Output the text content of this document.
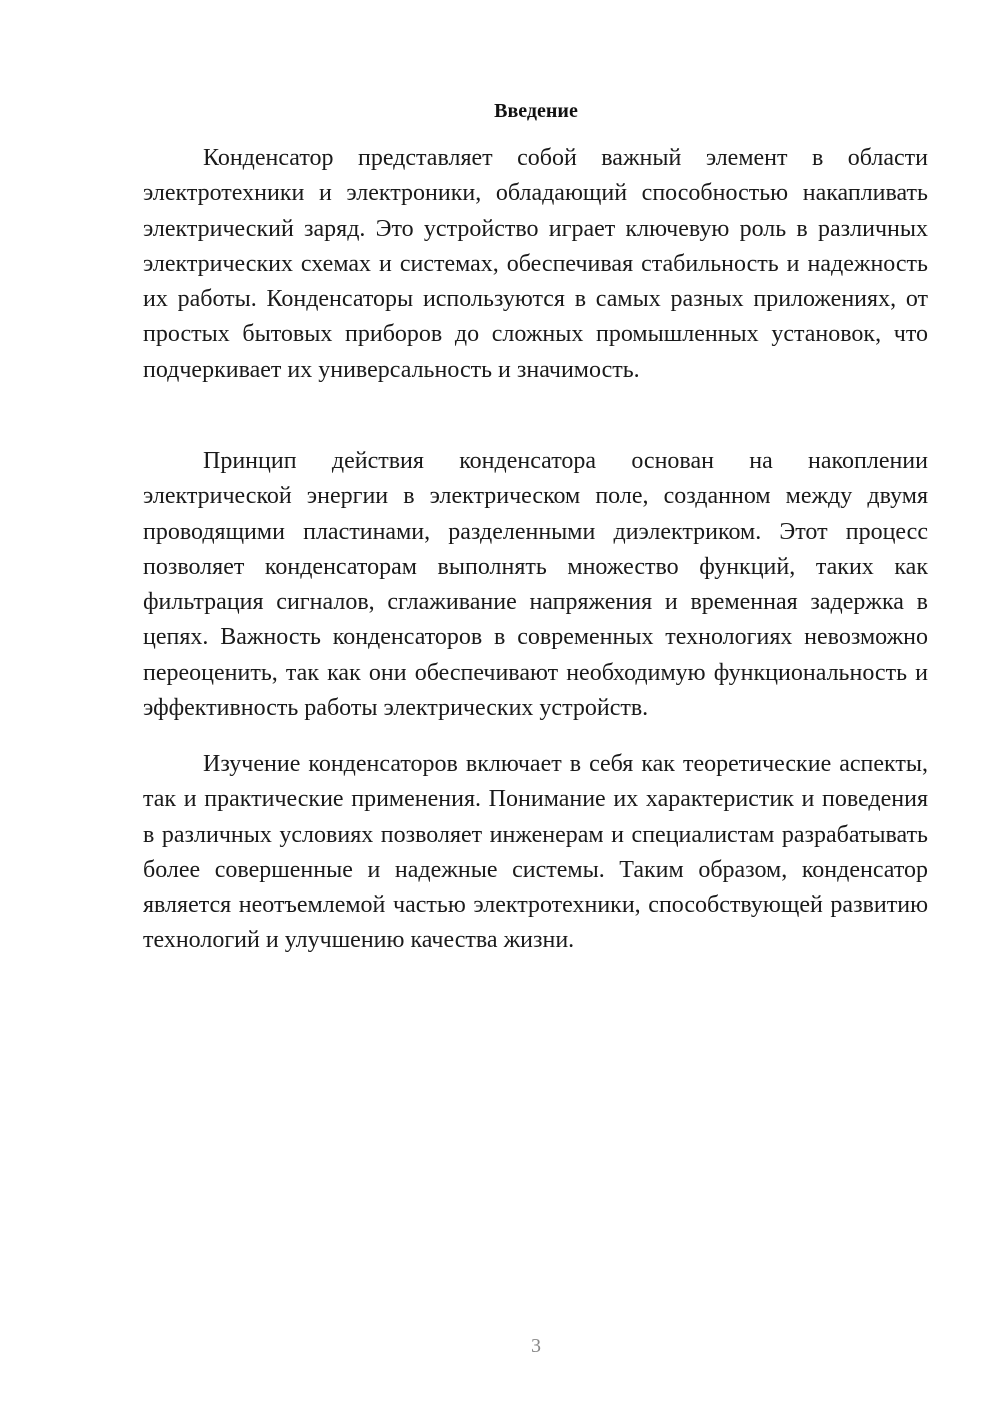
Введение

Конденсатор представляет собой важный элемент в области электротехники и электроники, обладающий способностью накапливать электрический заряд. Это устройство играет ключевую роль в различных электрических схемах и системах, обеспечивая стабильность и надежность их работы. Конденсаторы используются в самых разных приложениях, от простых бытовых приборов до сложных промышленных установок, что подчеркивает их универсальность и значимость.

Принцип действия конденсатора основан на накоплении электрической энергии в электрическом поле, созданном между двумя проводящими пластинами, разделенными диэлектриком. Этот процесс позволяет конденсаторам выполнять множество функций, таких как фильтрация сигналов, сглаживание напряжения и временная задержка в цепях. Важность конденсаторов в современных технологиях невозможно переоценить, так как они обеспечивают необходимую функциональность и эффективность работы электрических устройств.

Изучение конденсаторов включает в себя как теоретические аспекты, так и практические применения. Понимание их характеристик и поведения в различных условиях позволяет инженерам и специалистам разрабатывать более совершенные и надежные системы. Таким образом, конденсатор является неотъемлемой частью электротехники, способствующей развитию технологий и улучшению качества жизни.

3
